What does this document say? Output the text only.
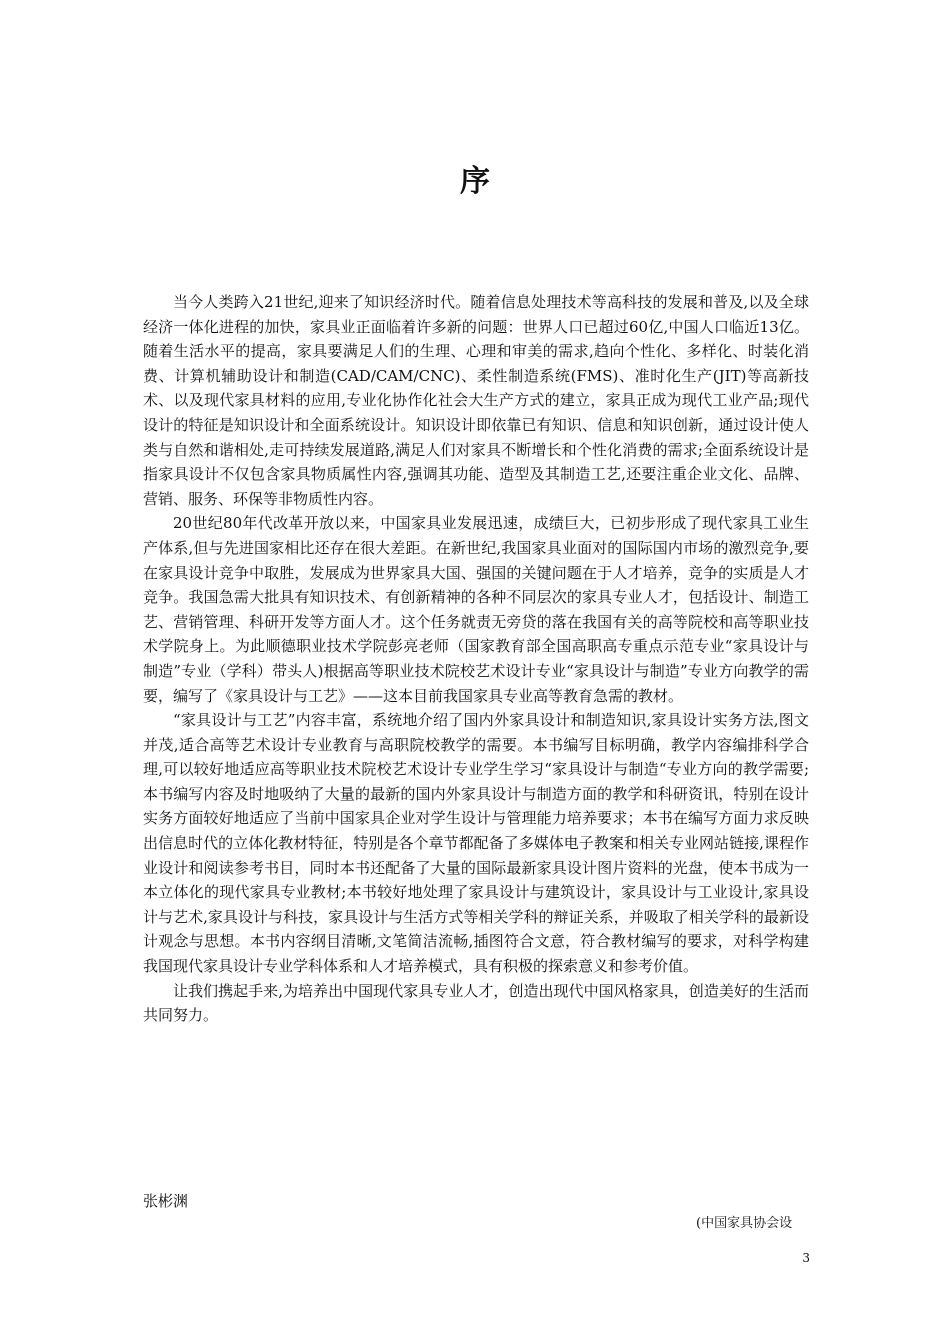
序

当今人类跨入21世纪,迎来了知识经济时代。随着信息处理技术等高科技的发展和普及,以及全球经济一体化进程的加快，家具业正面临着许多新的问题：世界人口已超过60亿,中国人口临近13亿。随着生活水平的提高，家具要满足人们的生理、心理和审美的需求,趋向个性化、多样化、时装化消费、计算机辅助设计和制造(CAD/CAM/CNC)、柔性制造系统(FMS)、准时化生产(JIT)等高新技术、以及现代家具材料的应用,专业化协作化社会大生产方式的建立，家具正成为现代工业产品;现代设计的特征是知识设计和全面系统设计。知识设计即依靠已有知识、信息和知识创新，通过设计使人类与自然和谐相处,走可持续发展道路,满足人们对家具不断增长和个性化消费的需求;全面系统设计是指家具设计不仅包含家具物质属性内容,强调其功能、造型及其制造工艺,还要注重企业文化、品牌、营销、服务、环保等非物质性内容。

20世纪80年代改革开放以来，中国家具业发展迅速，成绩巨大，已初步形成了现代家具工业生产体系,但与先进国家相比还存在很大差距。在新世纪,我国家具业面对的国际国内市场的激烈竞争,要在家具设计竞争中取胜，发展成为世界家具大国、强国的关键问题在于人才培养，竞争的实质是人才竞争。我国急需大批具有知识技术、有创新精神的各种不同层次的家具专业人才，包括设计、制造工艺、营销管理、科研开发等方面人才。这个任务就责无旁贷的落在我国有关的高等院校和高等职业技术学院身上。为此顺德职业技术学院彭亮老师（国家教育部全国高职高专重点示范专业“家具设计与制造”专业（学科）带头人)根据高等职业技术院校艺术设计专业“家具设计与制造”专业方向教学的需要，编写了《家具设计与工艺》——这本目前我国家具专业高等教育急需的教材。

“家具设计与工艺”内容丰富，系统地介绍了国内外家具设计和制造知识,家具设计实务方法,图文并茂,适合高等艺术设计专业教育与高职院校教学的需要。本书编写目标明确，教学内容编排科学合理,可以较好地适应高等职业技术院校艺术设计专业学生学习“家具设计与制造“专业方向的教学需要;本书编写内容及时地吸纳了大量的最新的国内外家具设计与制造方面的教学和科研资讯，特别在设计实务方面较好地适应了当前中国家具企业对学生设计与管理能力培养要求；本书在编写方面力求反映出信息时代的立体化教材特征，特别是各个章节都配备了多媒体电子教案和相关专业网站链接,课程作业设计和阅读参考书目，同时本书还配备了大量的国际最新家具设计图片资料的光盘，使本书成为一本立体化的现代家具专业教材;本书较好地处理了家具设计与建筑设计，家具设计与工业设计,家具设计与艺术,家具设计与科技，家具设计与生活方式等相关学科的辩证关系，并吸取了相关学科的最新设计观念与思想。本书内容纲目清晰,文笔简洁流畅,插图符合文意，符合教材编写的要求，对科学构建我国现代家具设计专业学科体系和人才培养模式，具有积极的探索意义和参考价值。

让我们携起手来,为培养出中国现代家具专业人才，创造出现代中国风格家具，创造美好的生活而共同努力。

张彬渊
(中国家具协会设
3
